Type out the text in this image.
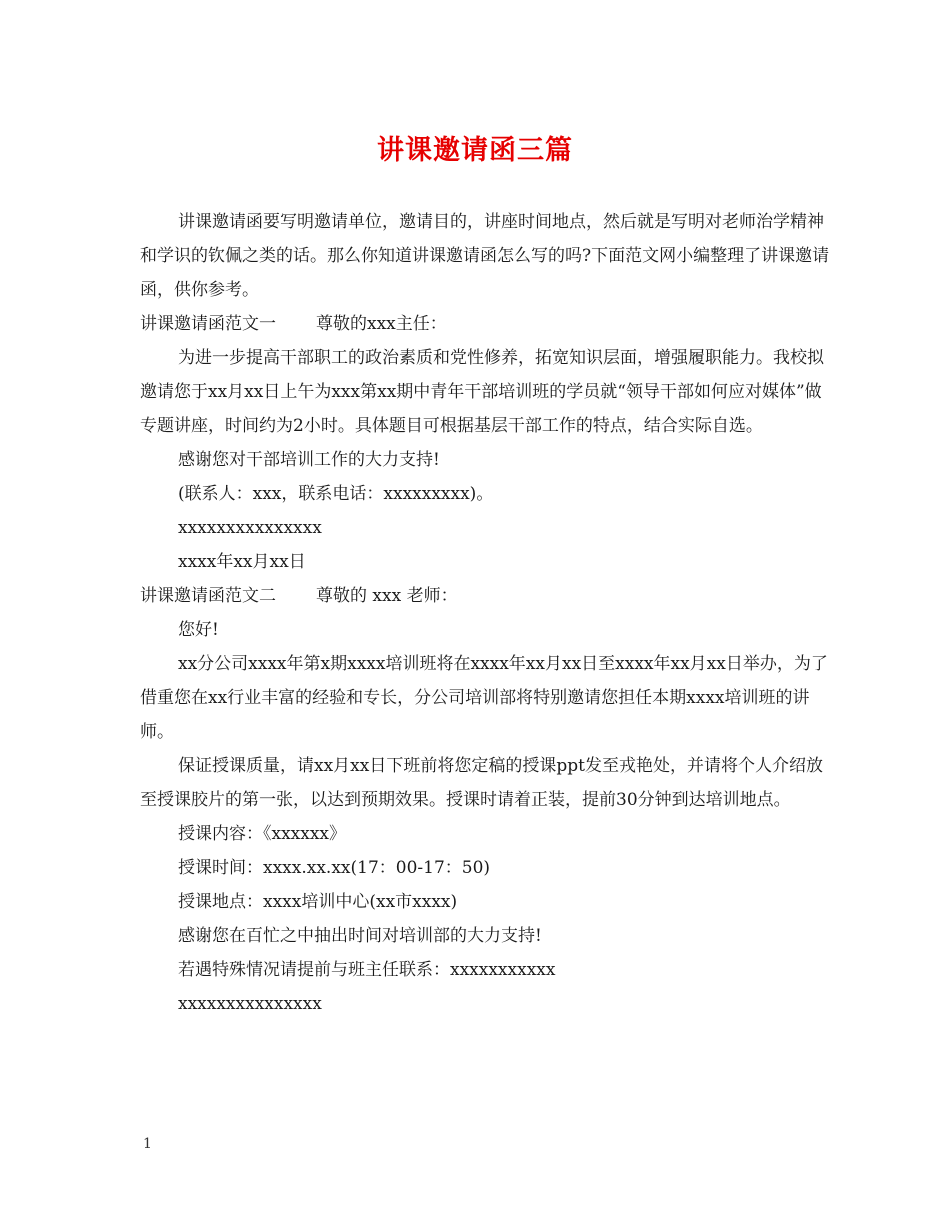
讲课邀请函三篇

讲课邀请函要写明邀请单位，邀请目的，讲座时间地点，然后就是写明对老师治学精神和学识的钦佩之类的话。那么你知道讲课邀请函怎么写的吗?下面范文网小编整理了讲课邀请函，供你参考。

讲课邀请函范文一 尊敬的xxx主任：

为进一步提高干部职工的政治素质和党性修养，拓宽知识层面，增强履职能力。我校拟邀请您于xx月xx日上午为xxx第xx期中青年干部培训班的学员就“领导干部如何应对媒体”做专题讲座，时间约为2小时。具体题目可根据基层干部工作的特点，结合实际自选。

感谢您对干部培训工作的大力支持!
(联系人：xxx，联系电话：xxxxxxxxx)。
xxxxxxxxxxxxxxx
xxxx年xx月xx日
讲课邀请函范文二 尊敬的 xxx 老师：
您好!

xx分公司xxxx年第x期xxxx培训班将在xxxx年xx月xx日至xxxx年xx月xx日举办，为了借重您在xx行业丰富的经验和专长，分公司培训部将特别邀请您担任本期xxxx培训班的讲师。

保证授课质量，请xx月xx日下班前将您定稿的授课ppt发至戎艳处，并请将个人介绍放至授课胶片的第一张，以达到预期效果。授课时请着正装，提前30分钟到达培训地点。

授课内容：《xxxxxx》
授课时间：xxxx.xx.xx(17：00-17：50)
授课地点：xxxx培训中心(xx市xxxx)
感谢您在百忙之中抽出时间对培训部的大力支持!
若遇特殊情况请提前与班主任联系：xxxxxxxxxxx
xxxxxxxxxxxxxxx
1
